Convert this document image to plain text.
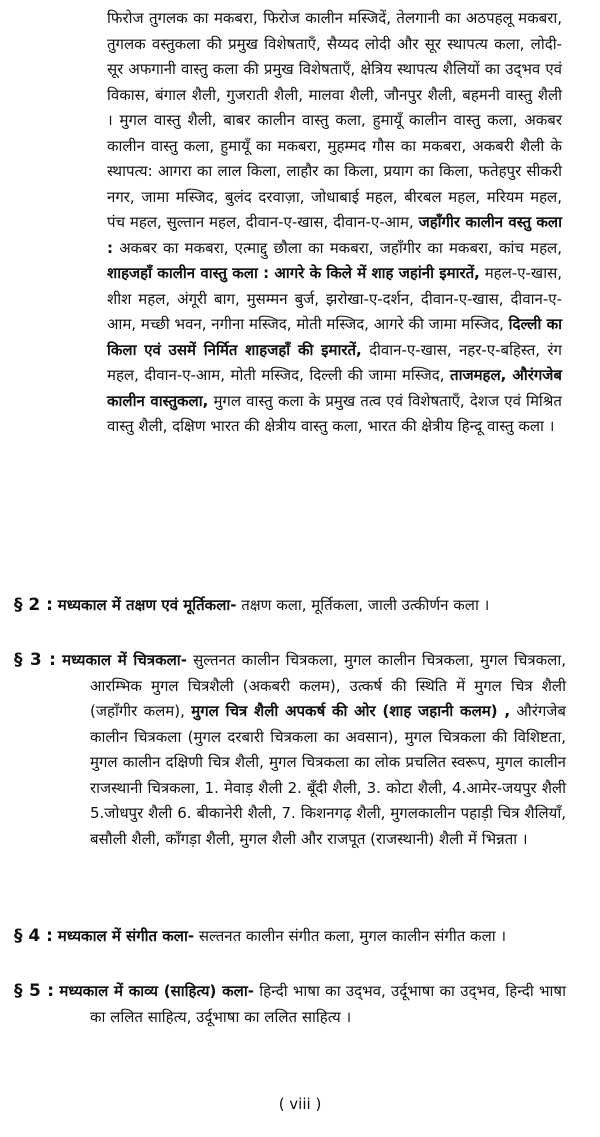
फिरोज तुगलक का मकबरा, फिरोज कालीन मस्जिदें, तेलगानी का अठपहलू मकबरा, तुगलक वस्तुकला की प्रमुख विशेषताएँ, सैय्यद लोदी और सूर स्थापत्य कला, लोदी-सूर अफगानी वास्तु कला की प्रमुख विशेषताएँ, क्षेत्रिय स्थापत्य शैलियों का उद्‍भव एवं विकास, बंगाल शैली, गुजराती शैली, मालवा शैली, जौनपुर शैली, बहमनी वास्तु शैली । मुगल वास्तु शैली, बाबर कालीन वास्तु कला, हुमायूँ कालीन वास्तु कला, अकबर कालीन वास्तु कला, हुमायूँ का मकबरा, मुहम्मद गौस का मकबरा, अकबरी शैली के स्थापत्य: आगरा का लाल किला, लाहौर का किला, प्रयाग का किला, फतेहपुर सीकरी नगर, जामा मस्जिद, बुलंद दरवाज़ा, जोधाबाई महल, बीरबल महल, मरियम महल, पंच महल, सुल्तान महल, दीवान-ए-खास, दीवान-ए-आम, जहाँगीर कालीन वस्तु कला : अकबर का मकबरा, एत्माद्दु छौला का मकबरा, जहाँगीर का मकबरा, कांच महल, शाहजहाँ कालीन वास्तु कला : आगरे के किले में शाह जहांनी इमारतें, महल-ए-खास, शीश महल, अंगूरी बाग, मुसम्मन बुर्ज, झरोखा-ए-दर्शन, दीवान-ए-खास, दीवान-ए-आम, मच्छी भवन, नगीना मस्जिद, मोती मस्जिद, आगरे की जामा मस्जिद, दिल्ली का किला एवं उसमें निर्मित शाहजहाँ की इमारतें, दीवान-ए-खास, नहर-ए-बहिस्त, रंग महल, दीवान-ए-आम, मोती मस्जिद, दिल्ली की जामा मस्जिद, ताजमहल, औरंगजेब कालीन वास्तुकला, मुगल वास्तु कला के प्रमुख तत्व एवं विशेषताएँ, देशज एवं मिश्रित वास्तु शैली, दक्षिण भारत की क्षेत्रीय वास्तु कला, भारत की क्षेत्रीय हिन्दू वास्तु कला ।

§ 2 : मध्यकाल में तक्षण एवं मूर्तिकला- तक्षण कला, मूर्तिकला, जाली उत्कीर्णन कला ।

§ 3 : मध्यकाल में चित्रकला- सुल्तनत कालीन चित्रकला, मुगल कालीन चित्रकला, मुगल चित्रकला, आरम्भिक मुगल चित्रशैली (अकबरी कलम), उत्कर्ष की स्थिति में मुगल चित्र शैली (जहाँगीर कलम), मुगल चित्र शैली अपकर्ष की ओर (शाह जहानी कलम) , औरंगजेब कालीन चित्रकला (मुगल दरबारी चित्रकला का अवसान), मुगल चित्रकला की विशिष्टता, मुगल कालीन दक्षिणी चित्र शैली, मुगल चित्रकला का लोक प्रचलित स्वरूप, मुगल कालीन राजस्थानी चित्रकला, 1. मेवाड़ शैली 2. बूँदी शैली, 3. कोटा शैली, 4.आमेर-जयपुर शैली 5.जोधपुर शैली 6. बीकानेरी शैली, 7. किशनगढ़ शैली, मुगलकालीन पहाड़ी चित्र शैलियाँ, बसौली शैली, काँगड़ा शैली, मुगल शैली और राजपूत (राजस्थानी) शैली में भिन्नता ।

§ 4 : मध्यकाल में संगीत कला- सल्तनत कालीन संगीत कला, मुगल कालीन संगीत कला ।

§ 5 : मध्यकाल में काव्य (साहित्य) कला- हिन्दी भाषा का उद्‍भव, उर्दूभाषा का उद्‍भव, हिन्दी भाषा का ललित साहित्य, उर्दूभाषा का ललित साहित्य ।

( viii )
